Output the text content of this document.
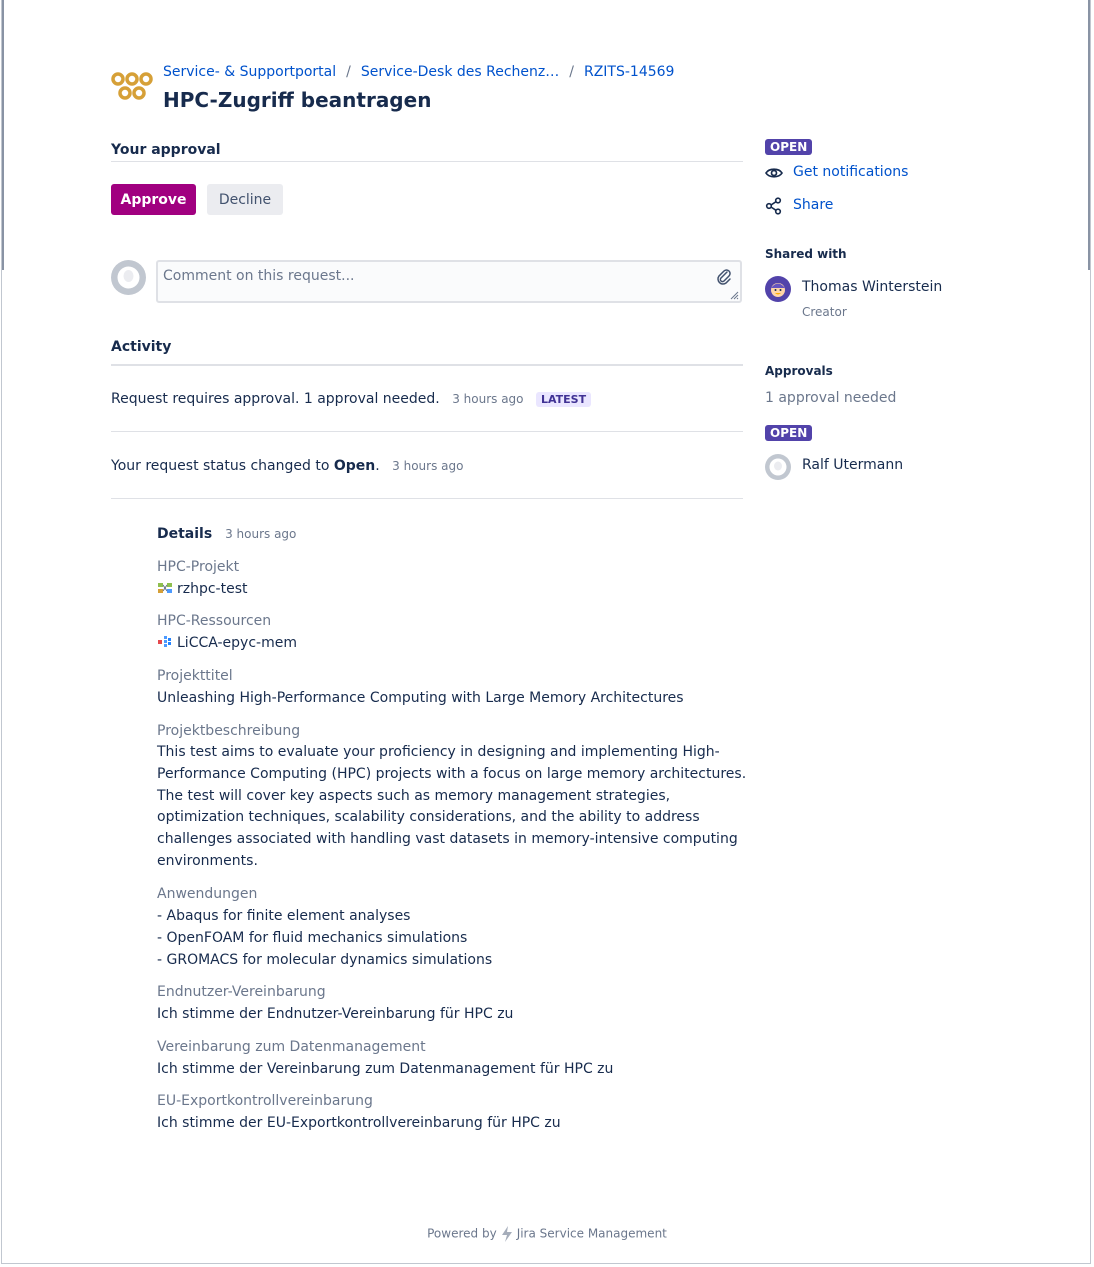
Service- & Supportportal / Service-Desk des Rechenz… / RZITS-14569
HPC-Zugriff beantragen
Your approval
Approve	Decline
Comment on this request...
Activity
Request requires approval. 1 approval needed. 3 hours ago LATEST
Your request status changed to Open. 3 hours ago
Details 3 hours ago
HPC-Projekt
rzhpc-test
HPC-Ressourcen
LiCCA-epyc-mem
Projekttitel
Unleashing High-Performance Computing with Large Memory Architectures
Projektbeschreibung
This test aims to evaluate your proficiency in designing and implementing High-Performance Computing (HPC) projects with a focus on large memory architectures. The test will cover key aspects such as memory management strategies, optimization techniques, scalability considerations, and the ability to address challenges associated with handling vast datasets in memory-intensive computing environments.
Anwendungen
- Abaqus for finite element analyses
- OpenFOAM for fluid mechanics simulations
- GROMACS for molecular dynamics simulations
Endnutzer-Vereinbarung
Ich stimme der Endnutzer-Vereinbarung für HPC zu
Vereinbarung zum Datenmanagement
Ich stimme der Vereinbarung zum Datenmanagement für HPC zu
EU-Exportkontrollvereinbarung
Ich stimme der EU-Exportkontrollvereinbarung für HPC zu
OPEN
Get notifications
Share
Shared with
Thomas Winterstein
Creator
Approvals
1 approval needed
OPEN
Ralf Utermann
Powered by Jira Service Management
